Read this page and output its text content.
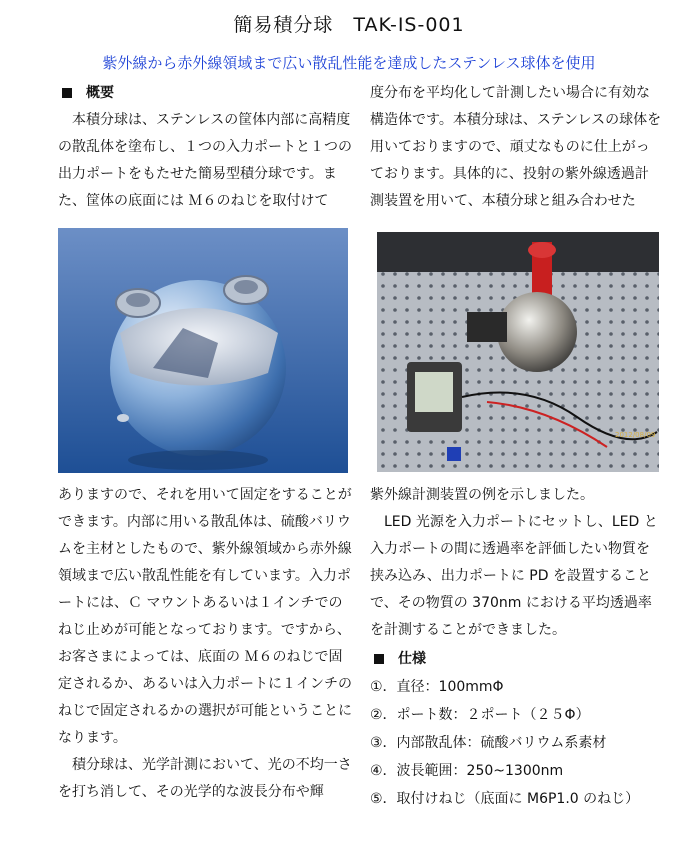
簡易積分球　TAK-IS-001
紫外線から赤外線領域まで広い散乱性能を達成したステンレス球体を使用

概要

本積分球は、ステンレスの筐体内部に高精度の散乱体を塗布し、１つの入力ポートと１つの出力ポートをもたせた簡易型積分球です。また、筐体の底面には Ｍ６のねじを取付けて

度分布を平均化して計測したい場合に有効な構造体です。本積分球は、ステンレスの球体を用いておりますので、頑丈なものに仕上がっております。具体的に、投射の紫外線透過計測装置を用いて、本積分球と組み合わせた

2012/08/09

ありますので、それを用いて固定をすることができます。内部に用いる散乱体は、硫酸バリウムを主材としたもので、紫外線領域から赤外線領域まで広い散乱性能を有しています。入力ポートには、Ｃ マウントあるいは１インチでのねじ止めが可能となっております。ですから、お客さまによっては、底面の Ｍ６のねじで固定されるか、あるいは入力ポートに１インチのねじで固定されるかの選択が可能ということになります。

積分球は、光学計測において、光の不均一さを打ち消して、その光学的な波長分布や輝

紫外線計測装置の例を示しました。

LED 光源を入力ポートにセットし、LED と入力ポートの間に透過率を評価したい物質を挟み込み、出力ポートに PD を設置することで、その物質の 370nm における平均透過率を計測することができました。

仕様

①．直径：100mmΦ
②．ポート数：２ポート（２５Φ）
③．内部散乱体：硫酸バリウム系素材
④．波長範囲：250~1300nm
⑤．取付けねじ（底面に M6P1.0 のねじ）
